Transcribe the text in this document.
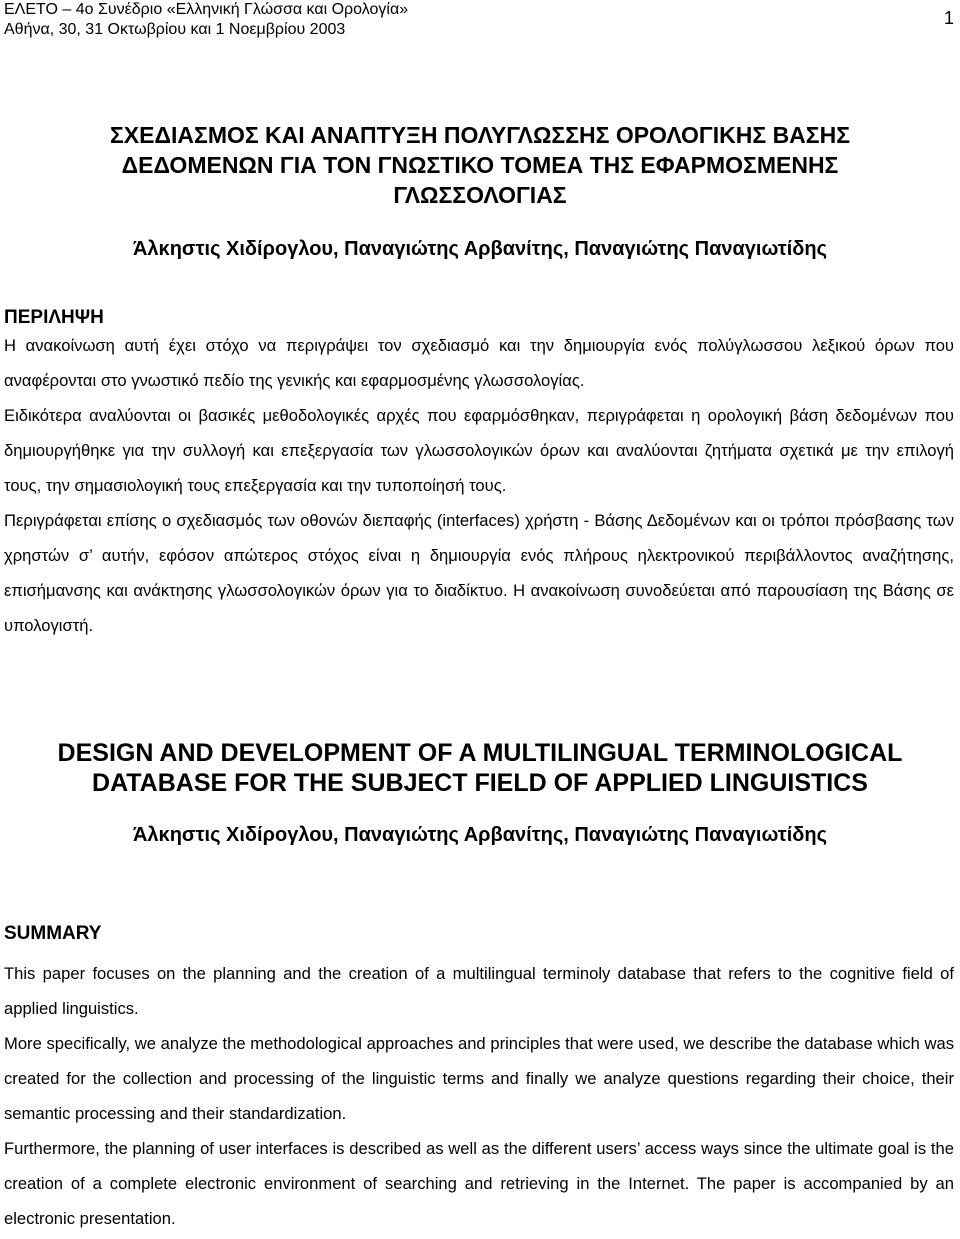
ΕΛΕΤΟ – 4ο Συνέδριο «Ελληνική Γλώσσα και Ορολογία»
Αθήνα, 30, 31 Οκτωβρίου και 1 Νοεμβρίου 2003
1
ΣΧΕΔΙΑΣΜΟΣ ΚΑΙ ΑΝΑΠΤΥΞΗ ΠΟΛΥΓΛΩΣΣΗΣ ΟΡΟΛΟΓΙΚΗΣ ΒΑΣΗΣ
ΔΕΔΟΜΕΝΩΝ ΓΙΑ ΤΟΝ ΓΝΩΣΤΙΚΟ ΤΟΜΕΑ ΤΗΣ ΕΦΑΡΜΟΣΜΕΝΗΣ
ΓΛΩΣΣΟΛΟΓΙΑΣ
Άλκηστις Χιδίρογλου, Παναγιώτης Αρβανίτης, Παναγιώτης Παναγιωτίδης
ΠΕΡΙΛΗΨΗ

Η ανακοίνωση αυτή έχει στόχο να περιγράψει τον σχεδιασμό και την δημιουργία ενός πολύγλωσσου λεξικού όρων που αναφέρονται στο γνωστικό πεδίο της γενικής και εφαρμοσμένης γλωσσολογίας.

Ειδικότερα αναλύονται οι βασικές μεθοδολογικές αρχές που εφαρμόσθηκαν, περιγράφεται η ορολογική βάση δεδομένων που δημιουργήθηκε για την συλλογή και επεξεργασία των γλωσσολογικών όρων και αναλύονται ζητήματα σχετικά με την επιλογή τους, την σημασιολογική τους επεξεργασία και την τυποποίησή τους.

Περιγράφεται επίσης ο σχεδιασμός των οθονών διεπαφής (interfaces) χρήστη - Βάσης Δεδομένων και οι τρόποι πρόσβασης των χρηστών σ’ αυτήν, εφόσον απώτερος στόχος είναι η δημιουργία ενός πλήρους ηλεκτρονικού περιβάλλοντος αναζήτησης, επισήμανσης και ανάκτησης γλωσσολογικών όρων για το διαδίκτυο. Η ανακοίνωση συνοδεύεται από παρουσίαση της Βάσης σε υπολογιστή.

DESIGN AND DEVELOPMENT OF A MULTILINGUAL TERMINOLOGICAL
DATABASE FOR THE SUBJECT FIELD OF APPLIED LINGUISTICS
Άλκηστις Χιδίρογλου, Παναγιώτης Αρβανίτης, Παναγιώτης Παναγιωτίδης
SUMMARY

This paper focuses on the planning and the creation of a multilingual terminoly database that refers to the cognitive field of applied linguistics.

More specifically, we analyze the methodological approaches and principles that were used, we describe the database which was created for the collection and processing of the linguistic terms and finally we analyze questions regarding their choice, their semantic processing and their standardization.

Furthermore, the planning of user interfaces is described as well as the different users’ access ways since the ultimate goal is the creation of a complete electronic environment of searching and retrieving in the Internet. The paper is accompanied by an electronic presentation.
